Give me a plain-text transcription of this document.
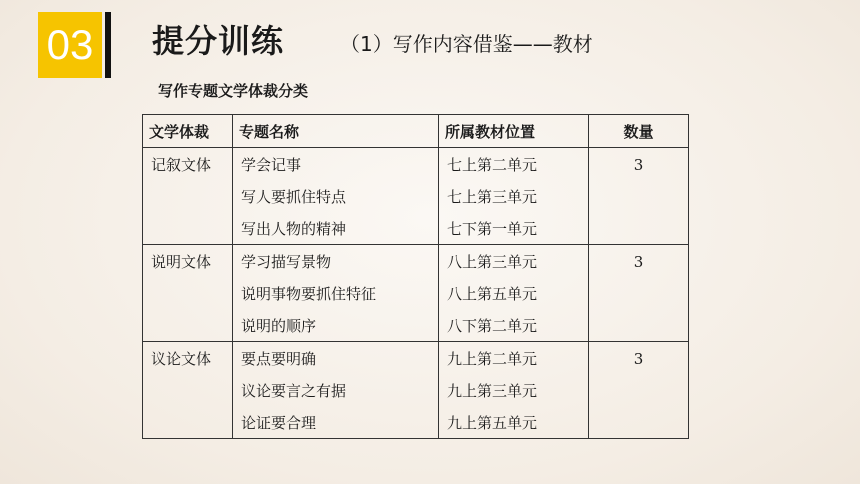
03 提分训练	（1）写作内容借鉴——教材
写作专题文学体裁分类
文学体裁	专题名称	所属教材位置	数量
记叙文体	学会记事	七上第二单元	3
	写人要抓住特点	七上第三单元	
	写出人物的精神	七下第一单元	
说明文体	学习描写景物	八上第三单元	3
	说明事物要抓住特征	八上第五单元	
	说明的顺序	八下第二单元	
议论文体	要点要明确	九上第二单元	3
	议论要言之有据	九上第三单元	
	论证要合理	九上第五单元	
